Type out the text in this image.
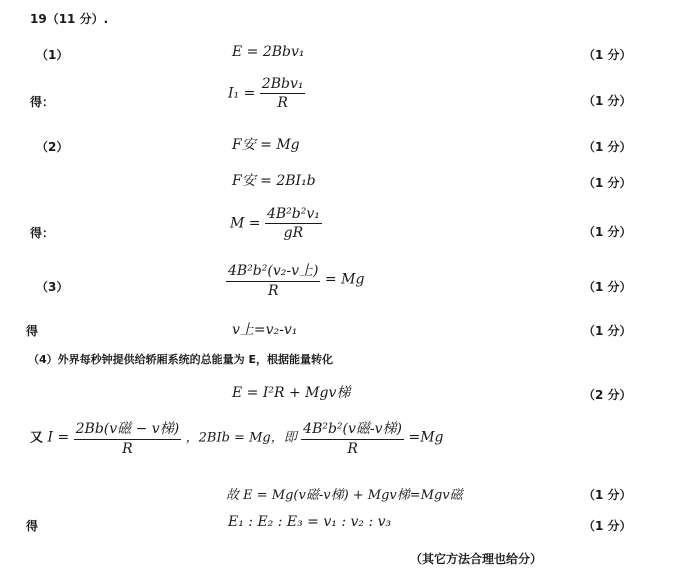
19（11 分）.
（1）	E = 2Bbv₁	（1 分）
得：
$I_1 = \frac{\text{2Bbv₁}}{R}$	（1 分）
（2）	F安 = Mg	（1 分）
F安 = 2BI₁b	（1 分）
得：
$M = \frac{\text{4B²b²v₁}}{gR}$	（1 分）
（3）	$\frac{\text{4B²b²(v₂-v上)}}{R} = Mg$	（1 分）
得	v上=v₂-v₁	（1 分）
（4）外界每秒钟提供给轿厢系统的总能量为 E，根据能量转化
E = I²R + Mgv梯	（2 分）
又 $I = \frac{\text{2Bb(v磁 − v梯)}}{R}$ ，2BIb = Mg，即 $\frac{\text{4B²b²(v磁-v梯)}}{R} =Mg$
故 E = Mg(v磁-v梯) + Mgv梯=Mgv磁	（1 分）
得	E₁ : E₂ : E₃ = v₁ : v₂ : v₃	（1 分）
（其它方法合理也给分）
